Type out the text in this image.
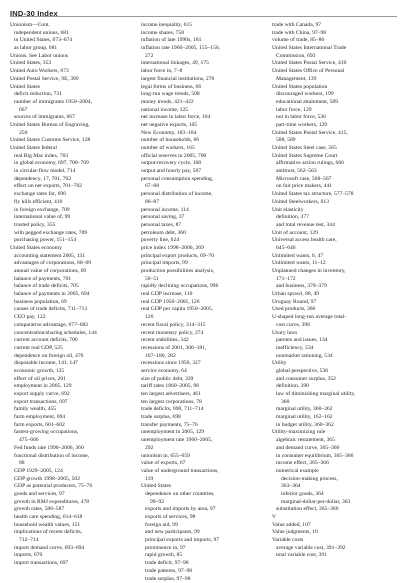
IND-30 Index
Unionism—Cont.
independent unions, 681
in United States, 673–674
as labor group, 681
Unions. See Labor unions
United States, 353
United Auto Workers, 673
United Postal Service, 9E, 389
United States
deficit reduction, 731
number of immigrants 1950–2004,
667
sources of immigrants, 667
United States Bureau of Engraving,
250
United States Customs Service, 128
United States federal
real Big Mac index, 703
in global economy, 697, 700–709
in circular-flow model, 714
dependency, 17, 701, 702
effect on net exports, 701–702
exchange rates for, 696
fly kills efficient, 410
in foreign exchange, 709
international value of, 99
trusted policy, 355
with pegged exchange rates, 709
purchasing power, 151–154
United States economy
accounting statement 2005, 131
advantages of corporations, 68–69
annual value of corporations, 69
balance of payments, 701
balance of trade deficits, 705
balance of payments in 2005, 694
business population, 69
causes of trade deficits, 711–713
CEO pay, 122
comparative advantage, 677–682
concentration/sharing schedules, 144
current account deficits, 700
current real GDP, 525
dependence on foreign oil, 476
disposable income, 141, 147
economic growth, 125
effect of oil prices, 201
employment in 2005, 129
export supply curve, 692
export transactions, 697
family wealth, 455
farm employment, 694
farm exports, 601–602
fastest-growing occupations,
475–666
Fed funds rate 1990–2006, 360
functional distribution of income,
88
GDP 1929–2005, 124
GDP growth 1998–2005, 502
GDP as potential producers, 75–76
goods and services, 97
growth in RMJ expenditures, 478
growth rates, 586–587
health care spending, 614–618
household wealth values, 151
implications of recent deficits,
712–714
import demand curve, 693–694
imports, 670
import transactions, 697
income inequality, 615
income shares, 758
inflation of late 1990s, 181
inflation rate 1960–2005, 155–156,
272
international linkages, 49, 175
labor force in, 7–8
largest financial institutions, 278
legal forms of business, 66
long-run wage trends, 508
money trends, 421–422
national income, 125
net increase in labor force, 104
net negative exports, 105
New Economy, 183–184
number of households, 66
number of workers, 165
official reserves in 2005, 700
output-recovery cycle, 168
output and hourly pay, 507
personal consumption spending,
67–68
personal distribution of income,
86–87
personal income, 114
personal saving, 37
personal taxes, 87
petroleum debt, 360
poverty line, 624
price index 1998–2006, 269
principal export products, 69–70
principal imports, 99
production possibilities analysis,
50–51
rapidly declining occupations, 996
real GDP increase, 110
real GDP 1950–2005, 126
real GDP per capita 1950–2005,
126
recent fiscal policy, 314–315
recent monetary policy, 274
recent stabilities, 342
recessions of 2001, 306–181,
167–180, 282
recessions since 1950, 327
service economy, 64
size of public debt, 339
tariff rates 1860–2005, 96
ten largest advertisers, 461
ten largest corporations, 78
trade deficits, 698, 711–714
trade surplus, 698
transfer payments, 75–76
unemployment in 2005, 129
unemployment rate 1960–2005,
292
unionism in, 655–659
value of exports, 67
value of underground transactions,
119
United States
dependence on other countries,
99–92
exports and imports by area, 97
exports of services, 98
foreign aid, 99
and new participants, 99
principal exports and imports, 97
prominence in, 97
rapid growth, 85
trade deficit, 97–98
trade patterns, 97–98
trade surplus, 97–98
trade with Canada, 97
trade with China, 97–98
volume of trade, 85–86
United States International Trade
Commission, 693
United States Postal Service, 410
United States Office of Personal
Management, 139
United States population
discouraged workers, 199
educational attainment, 589
labor force, 129
not in labor force, 536
part-time workers, 129
United States Postal Service, 415,
588, 589
United States Steel case, 565
United States Supreme Court
affirmative action rulings, 666
antitrust, 562–563
Microsoft case, 568–567
on fair price makers, 441
United States tax structure, 577–578
United Steelworkers, 613
Unit elasticity
definition, 377
and total revenue test, 344
Unit of account, 129
Universal access health care,
645–646
Unlimited wants, 6, 47
Unlimited wants, 11–12
Unplanned changes in inventory,
171–172
and business, 378–379
Urban sprawl, 88, 49
Uruguay Round, 97
Used products, 366
U-shaped long-run average total-
cost curve, 396
Usury laws
parents and issues, 134
inefficiency, 534
nonmarket rationing, 534
Utility
global perspective, 536
and consumer surplus, 352
definition, 390
law of diminishing marginal utility,
360
marginal utility, 360–362
marginal utility, 162–162
in budget utility, 360–362
Utility-maximizing rule
algebraic restatement, 365
and demand curve, 365–366
in consumer equilibrium, 365–366
income effect, 365–366
numerical example
decision-making process,
363–364
inferior goods, 364
marginal-dollar-per-dollar, 363
substitution effect, 365–366
V
Value added, 107
Value judgments, 10
Variable costs
average variable cost, 391–392
total variable cost, 391
